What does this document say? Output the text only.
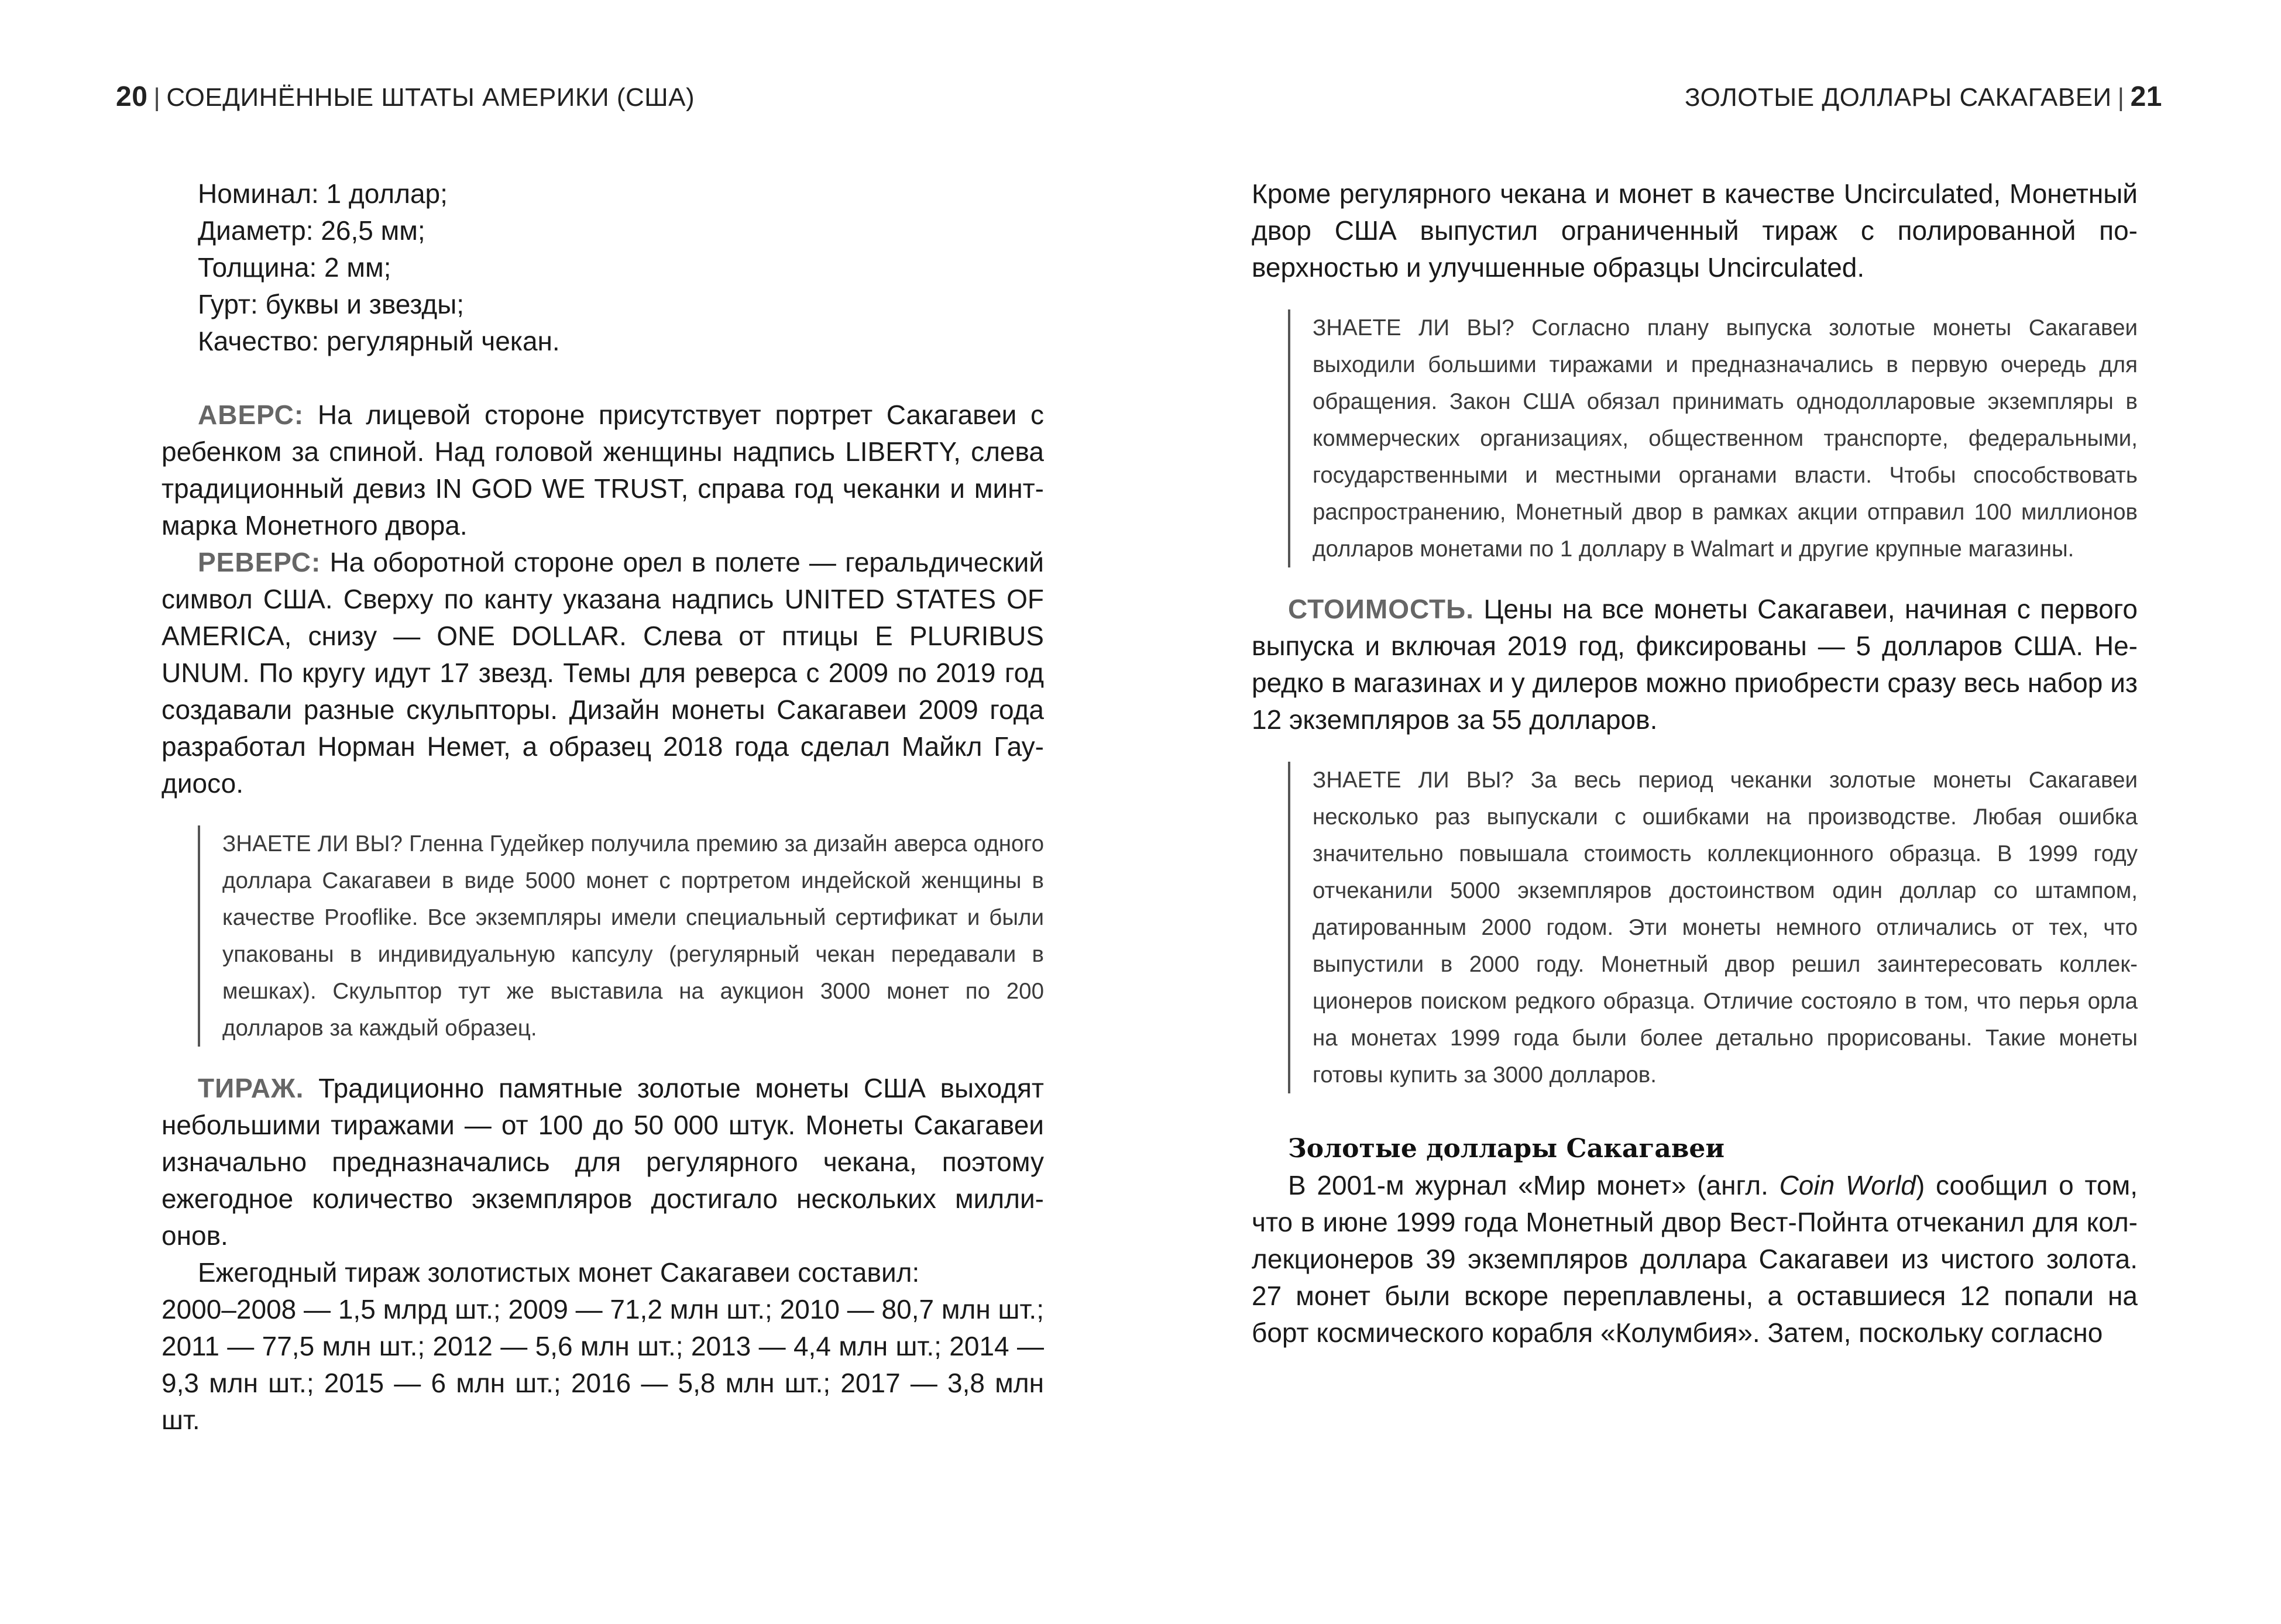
20 | СОЕДИНЁННЫЕ ШТАТЫ АМЕРИКИ (США)
Номинал: 1 доллар;
Диаметр: 26,5 мм;
Толщина: 2 мм;
Гурт: буквы и звезды;
Качество: регулярный чекан.

АВЕРС: На лицевой стороне присутствует портрет Сакагавеи с ребенком за спиной. Над головой женщины надпись LIBERTY, слева традиционный девиз IN GOD WE TRUST, справа год чеканки и минтмарка Монетного двора.

РЕВЕРС: На оборотной стороне орел в полете — геральдический символ США. Сверху по канту указана надпись UNITED STATES OF AMERICA, снизу — ONE DOLLAR. Слева от птицы E PLURIBUS UNUM. По кругу идут 17 звезд. Темы для реверса с 2009 по 2019 год создавали разные скульпторы. Дизайн монеты Сакагавеи 2009 года разработал Норман Немет, а образец 2018 года сделал Майкл Гаудиосо.

ЗНАЕТЕ ЛИ ВЫ? Гленна Гудейкер получила премию за дизайн аверса одного доллара Сакагавеи в виде 5000 монет с портретом индейской женщины в качестве Prooflike. Все экземпляры имели специальный сертификат и были упакованы в индивидуальную капсулу (регулярный чекан передавали в мешках). Скульптор тут же выставила на аукцион 3000 монет по 200 долларов за каждый образец.

ТИРАЖ. Традиционно памятные золотые монеты США выходят небольшими тиражами — от 100 до 50 000 штук. Монеты Сакагавеи изначально предназначались для регулярного чекана, поэтому ежегодное количество экземпляров достигало нескольких миллионов.

Ежегодный тираж золотистых монет Сакагавеи составил:

2000–2008 — 1,5 млрд шт.; 2009 — 71,2 млн шт.; 2010 — 80,7 млн шт.; 2011 — 77,5 млн шт.; 2012 — 5,6 млн шт.; 2013 — 4,4 млн шт.; 2014 — 9,3 млн шт.; 2015 — 6 млн шт.; 2016 — 5,8 млн шт.; 2017 — 3,8 млн шт.

ЗОЛОТЫЕ ДОЛЛАРЫ САКАГАВЕИ | 21

Кроме регулярного чекана и монет в качестве Uncirculated, Монетный двор США выпустил ограниченный тираж с полированной поверхностью и улучшенные образцы Uncirculated.

ЗНАЕТЕ ЛИ ВЫ? Согласно плану выпуска золотые монеты Сакагавеи выходили большими тиражами и предназначались в первую очередь для обращения. Закон США обязал принимать однодолларовые экземпляры в коммерческих организациях, общественном транспорте, федеральными, государственными и местными органами власти. Чтобы способствовать распространению, Монетный двор в рамках акции отправил 100 миллионов долларов монетами по 1 доллару в Walmart и другие крупные магазины.

СТОИМОСТЬ. Цены на все монеты Сакагавеи, начиная с первого выпуска и включая 2019 год, фиксированы — 5 долларов США. Нередко в магазинах и у дилеров можно приобрести сразу весь набор из 12 экземпляров за 55 долларов.

ЗНАЕТЕ ЛИ ВЫ? За весь период чеканки золотые монеты Сакагавеи несколько раз выпускали с ошибками на производстве. Любая ошибка значительно повышала стоимость коллекционного образца. В 1999 году отчеканили 5000 экземпляров достоинством один доллар со штампом, датированным 2000 годом. Эти монеты немного отличались от тех, что выпустили в 2000 году. Монетный двор решил заинтересовать коллекционеров поиском редкого образца. Отличие состояло в том, что перья орла на монетах 1999 года были более детально прорисованы. Такие монеты готовы купить за 3000 долларов.
Золотые доллары Сакагавеи

В 2001-м журнал «Мир монет» (англ. Coin World) сообщил о том, что в июне 1999 года Монетный двор Вест-Пойнта отчеканил для коллекционеров 39 экземпляров доллара Сакагавеи из чистого золота. 27 монет были вскоре переплавлены, а оставшиеся 12 попали на борт космического корабля «Колумбия». Затем, поскольку согласно
